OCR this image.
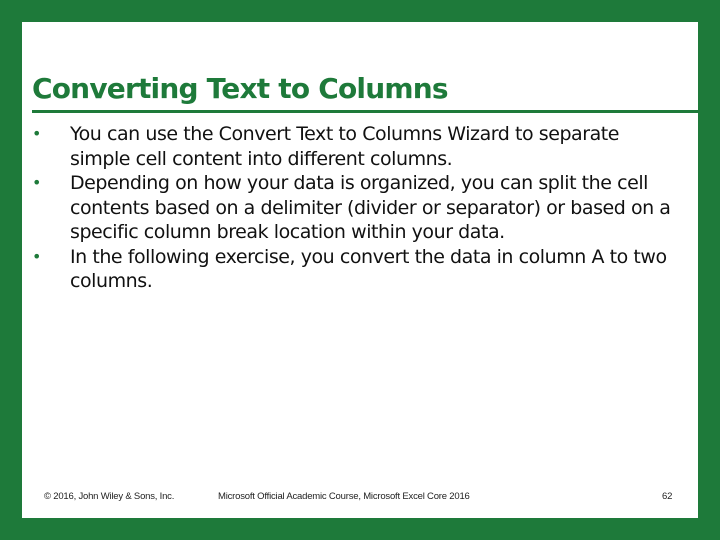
Converting Text to Columns
•	You can use the Convert Text to Columns Wizard to separate simple cell content into different columns.
•	Depending on how your data is organized, you can split the cell contents based on a delimiter (divider or separator) or based on a specific column break location within your data.
•	In the following exercise, you convert the data in column A to two columns.
© 2016, John Wiley & Sons, Inc.	Microsoft Official Academic Course, Microsoft Excel Core 2016	62
